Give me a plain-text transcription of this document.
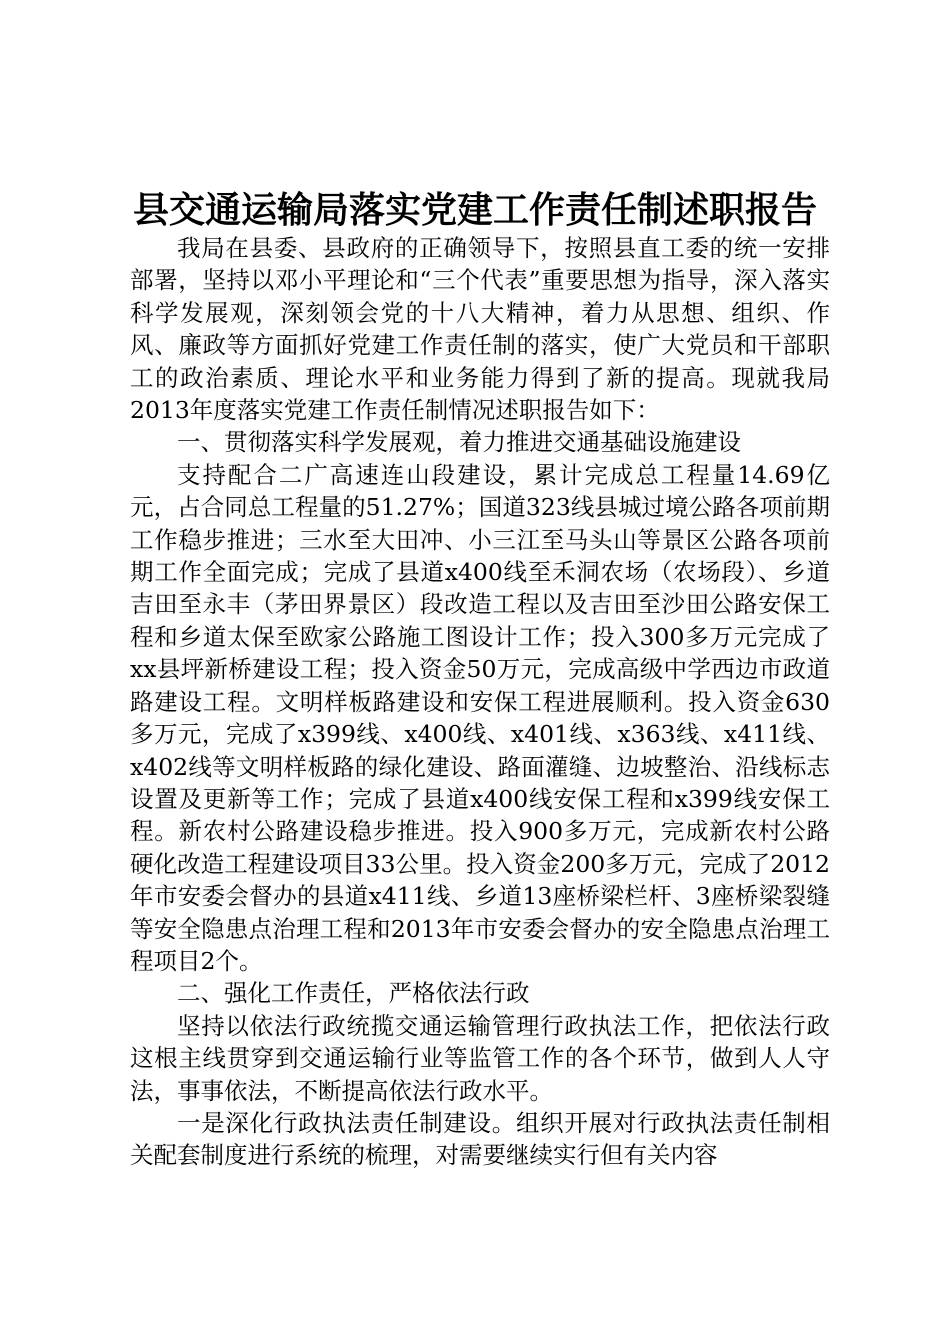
县交通运输局落实党建工作责任制述职报告

我局在县委、县政府的正确领导下，按照县直工委的统一安排部署，坚持以邓小平理论和“三个代表”重要思想为指导，深入落实科学发展观，深刻领会党的十八大精神，着力从思想、组织、作风、廉政等方面抓好党建工作责任制的落实，使广大党员和干部职工的政治素质、理论水平和业务能力得到了新的提高。现就我局2013年度落实党建工作责任制情况述职报告如下：

一、贯彻落实科学发展观，着力推进交通基础设施建设

支持配合二广高速连山段建设，累计完成总工程量14.69亿元，占合同总工程量的51.27%；国道323线县城过境公路各项前期工作稳步推进；三水至大田冲、小三江至马头山等景区公路各项前期工作全面完成；完成了县道x400线至禾洞农场（农场段）、乡道吉田至永丰（茅田界景区）段改造工程以及吉田至沙田公路安保工程和乡道太保至欧家公路施工图设计工作；投入300多万元完成了xx县坪新桥建设工程；投入资金50万元，完成高级中学西边市政道路建设工程。文明样板路建设和安保工程进展顺利。投入资金630多万元，完成了x399线、x400线、x401线、x363线、x411线、x402线等文明样板路的绿化建设、路面灌缝、边坡整治、沿线标志设置及更新等工作；完成了县道x400线安保工程和x399线安保工程。新农村公路建设稳步推进。投入900多万元，完成新农村公路硬化改造工程建设项目33公里。投入资金200多万元，完成了2012年市安委会督办的县道x411线、乡道13座桥梁栏杆、3座桥梁裂缝等安全隐患点治理工程和2013年市安委会督办的安全隐患点治理工程项目2个。

二、强化工作责任，严格依法行政

坚持以依法行政统揽交通运输管理行政执法工作，把依法行政这根主线贯穿到交通运输行业等监管工作的各个环节，做到人人守法，事事依法，不断提高依法行政水平。

一是深化行政执法责任制建设。组织开展对行政执法责任制相关配套制度进行系统的梳理，对需要继续实行但有关内容
